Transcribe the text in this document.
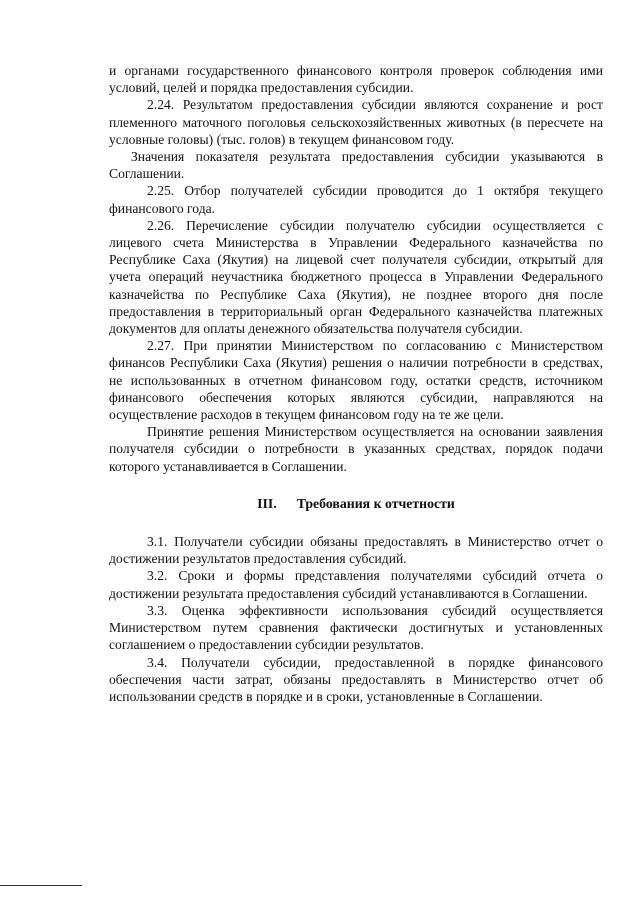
и органами государственного финансового контроля проверок соблюдения ими условий, целей и порядка предоставления субсидии.

2.24. Результатом предоставления субсидии являются сохранение и рост племенного маточного поголовья сельскохозяйственных животных (в пересчете на условные головы) (тыс. голов) в текущем финансовом году.

Значения показателя результата предоставления субсидии указываются в Соглашении.

2.25. Отбор получателей субсидии проводится до 1 октября текущего финансового года.

2.26. Перечисление субсидии получателю субсидии осуществляется с лицевого счета Министерства в Управлении Федерального казначейства по Республике Саха (Якутия) на лицевой счет получателя субсидии, открытый для учета операций неучастника бюджетного процесса в Управлении Федерального казначейства по Республике Саха (Якутия), не позднее второго дня после предоставления в территориальный орган Федерального казначейства платежных документов для оплаты денежного обязательства получателя субсидии.

2.27. При принятии Министерством по согласованию с Министерством финансов Республики Саха (Якутия) решения о наличии потребности в средствах, не использованных в отчетном финансовом году, остатки средств, источником финансового обеспечения которых являются субсидии, направляются на осуществление расходов в текущем финансовом году на те же цели.

Принятие решения Министерством осуществляется на основании заявления получателя субсидии о потребности в указанных средствах, порядок подачи которого устанавливается в Соглашении.

III. Требования к отчетности

3.1. Получатели субсидии обязаны предоставлять в Министерство отчет о достижении результатов предоставления субсидий.

3.2. Сроки и формы представления получателями субсидий отчета о достижении результата предоставления субсидий устанавливаются в Соглашении.

3.3. Оценка эффективности использования субсидий осуществляется Министерством путем сравнения фактически достигнутых и установленных соглашением о предоставлении субсидии результатов.

3.4. Получатели субсидии, предоставленной в порядке финансового обеспечения части затрат, обязаны предоставлять в Министерство отчет об использовании средств в порядке и в сроки, установленные в Соглашении.
